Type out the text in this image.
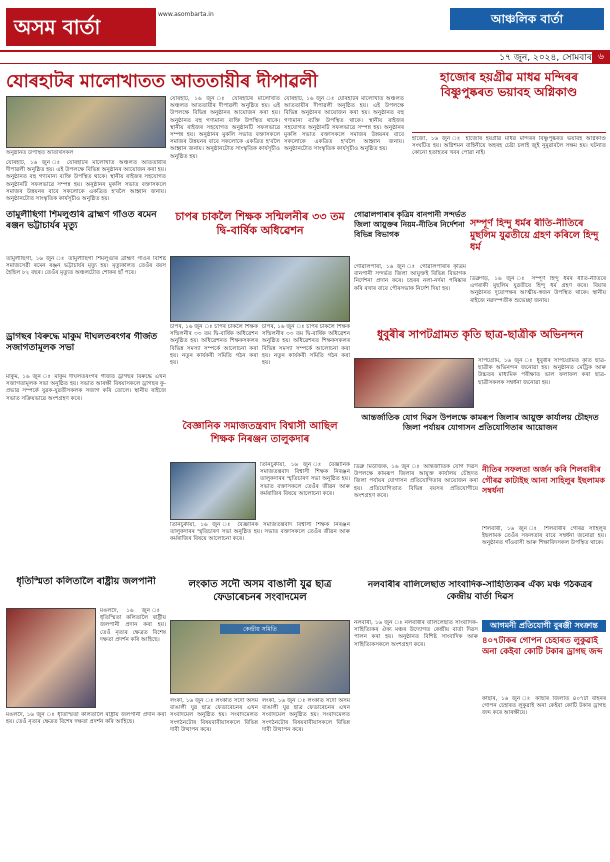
অসম বাৰ্তা
www.asombarta.in	আঞ্চলিক বাৰ্তা
১৭ জুন, ২০২৪, সোমবাৰ ৬
যোৰহাটৰ মালোখাতত আততায়ীৰ দীপাৱলী
অনুষ্ঠানত উপস্থিত অতিথিসকল
যোৰহাট, ১৬ জুন ঃ যোৰহাটৰ মালোখাত অঞ্চলত আততায়ীৰ দীপাৱলী অনুষ্ঠিত হয়। এই উপলক্ষে বিভিন্ন অনুষ্ঠানৰ আয়োজন কৰা হয়। অনুষ্ঠানত বহু গণ্যমান্য ব্যক্তি উপস্থিত থাকে। স্থানীয় ৰাইজৰ সহযোগত অনুষ্ঠানটি সফলভাৱে সম্পন্ন হয়। অনুষ্ঠানৰ মুকলি সভাত বক্তাসকলে সমাজৰ উন্নয়নৰ বাবে সকলোকে একত্ৰিত হ'বলৈ আহ্বান জনায়। অনুষ্ঠানটোত সাংস্কৃতিক কাৰ্যসূচীও অনুষ্ঠিত হয়।
যোৰহাট, ১৬ জুন ঃ যোৰহাটৰ মালোখাত অঞ্চলত আততায়ীৰ দীপাৱলী অনুষ্ঠিত হয়। এই উপলক্ষে বিভিন্ন অনুষ্ঠানৰ আয়োজন কৰা হয়। অনুষ্ঠানত বহু গণ্যমান্য ব্যক্তি উপস্থিত থাকে। স্থানীয় ৰাইজৰ সহযোগত অনুষ্ঠানটি সফলভাৱে সম্পন্ন হয়। অনুষ্ঠানৰ মুকলি সভাত বক্তাসকলে সমাজৰ উন্নয়নৰ বাবে সকলোকে একত্ৰিত হ'বলৈ আহ্বান জনায়। অনুষ্ঠানটোত সাংস্কৃতিক কাৰ্যসূচীও অনুষ্ঠিত হয়।
যোৰহাট, ১৬ জুন ঃ যোৰহাটৰ মালোখাত অঞ্চলত আততায়ীৰ দীপাৱলী অনুষ্ঠিত হয়। এই উপলক্ষে বিভিন্ন অনুষ্ঠানৰ আয়োজন কৰা হয়। অনুষ্ঠানত বহু গণ্যমান্য ব্যক্তি উপস্থিত থাকে। স্থানীয় ৰাইজৰ সহযোগত অনুষ্ঠানটি সফলভাৱে সম্পন্ন হয়। অনুষ্ঠানৰ মুকলি সভাত বক্তাসকলে সমাজৰ উন্নয়নৰ বাবে সকলোকে একত্ৰিত হ'বলৈ আহ্বান জনায়। অনুষ্ঠানটোত সাংস্কৃতিক কাৰ্যসূচীও অনুষ্ঠিত হয়।
হাজোৰ হয়গ্ৰীৱ মাধৱ মন্দিৰৰ বিষ্ণুপুষ্কৰত ভয়াবহ অগ্নিকাণ্ড
হাজো, ১৬ জুন ঃ হাজোৰ হয়গ্ৰীৱ মাধৱ মন্দিৰৰ বিষ্ণুপুষ্কৰত ভয়াবহ অগ্নিকাণ্ড সংঘটিত হয়। অগ্নিশমন বাহিনীয়ে অহৰহ চেষ্টা চলাই জুই নুমুৱাবলৈ সক্ষম হয়। ঘটনাত কোনো হতাহতৰ খবৰ পোৱা নাই।
তামুলীছিগা শিমলুগুৰি ব্ৰাহ্মণ গাঁওত ৰমেন ৰঞ্জন ভট্টাচাৰ্যৰ মৃত্যু
তামুলীছিগা, ১৬ জুন ঃ তামুলীছিগা শিমলুগুৰি ব্ৰাহ্মণ গাঁওৰ বিশিষ্ট সমাজসেৱী ৰমেন ৰঞ্জন ভট্টাচাৰ্যৰ মৃত্যু হয়। মৃত্যুকালত তেওঁৰ বয়স হৈছিল ৮২ বছৰ। তেওঁৰ মৃত্যুত অঞ্চলটোত শোকৰ ছাঁ পৰে।
চাপৰ চাকলৈ শিক্ষক সন্মিলনীৰ ৩৩ তম দ্বি-বাৰ্ষিক অধিৱেশন
চাপৰ, ১৬ জুন ঃ চাপৰ চাকলৈ শিক্ষক সন্মিলনীৰ ৩৩ তম দ্বি-বাৰ্ষিক অধিৱেশন অনুষ্ঠিত হয়। অধিৱেশনত শিক্ষকসকলৰ বিভিন্ন সমস্যা সম্পৰ্কে আলোচনা কৰা হয়। নতুন কাৰ্যকৰী সমিতি গঠন কৰা হয়।
চাপৰ, ১৬ জুন ঃ চাপৰ চাকলৈ শিক্ষক সন্মিলনীৰ ৩৩ তম দ্বি-বাৰ্ষিক অধিৱেশন অনুষ্ঠিত হয়। অধিৱেশনত শিক্ষকসকলৰ বিভিন্ন সমস্যা সম্পৰ্কে আলোচনা কৰা হয়। নতুন কাৰ্যকৰী সমিতি গঠন কৰা হয়।
গোৱালপাৰাৰ কৃত্ৰিম বানপানী সন্দৰ্ভত জিলা আয়ুক্তৰ নিয়ম-নীতিৰ নিৰ্দেশনা বিভিন্ন বিভাগক
গোৱালপাৰা, ১৬ জুন ঃ গোৱালপাৰাৰ কৃত্ৰিম বানপানী সন্দৰ্ভত জিলা আয়ুক্তই বিভিন্ন বিভাগক নিৰ্দেশনা প্ৰদান কৰে। চহৰৰ নলা-নৰ্দমা পৰিষ্কাৰ কৰি ৰখাৰ বাবে পৌৰসভাক নিৰ্দেশ দিয়া হয়।
সম্পূৰ্ণ হিন্দু ধৰ্মৰ ৰীতি-নীতিৰে মুছলিম যুৱতীয়ে গ্ৰহণ কৰিলে হিন্দু ধৰ্ম
ডিব্ৰুগড়, ১৬ জুন ঃ সম্পূৰ্ণ হিন্দু ধৰ্মৰ ৰীতি-নীতিৰে এগৰাকী মুছলিম যুৱতীয়ে হিন্দু ধৰ্ম গ্ৰহণ কৰে। বিয়াৰ অনুষ্ঠানত দুয়োপক্ষৰ আত্মীয়-স্বজন উপস্থিত থাকে। স্থানীয় ৰাইজে নৱদম্পতীক শুভেচ্ছা জনায়।
ড্ৰাগছৰ বিৰুদ্ধে মাকুম দীঘলতৰংগৰ গীৰ্জত সজাগতামূলক সভা
মাকুম, ১৬ জুন ঃ মাকুম দীঘলতৰংগৰ গীৰ্জত ড্ৰাগছৰ বিৰুদ্ধে এখন সজাগতামূলক সভা অনুষ্ঠিত হয়। সভাত আৰক্ষী বিষয়াসকলে ড্ৰাগছৰ কু-প্ৰভাৱ সম্পৰ্কে যুৱক-যুৱতীসকলক সজাগ কৰি তোলে। স্থানীয় ৰাইজে সভাত সক্ৰিয়ভাৱে অংশগ্ৰহণ কৰে।
ধুবুৰীৰ সাপটগ্ৰামত কৃতি ছাত্ৰ-ছাত্ৰীক অভিনন্দন
সাপটগ্ৰাম, ১৬ জুন ঃ ধুবুৰীৰ সাপটগ্ৰামত কৃতি ছাত্ৰ-ছাত্ৰীক অভিনন্দন জনোৱা হয়। অনুষ্ঠানত মেট্ৰিক আৰু উচ্চতৰ মাধ্যমিক পৰীক্ষাত ভাল ফলাফল কৰা ছাত্ৰ-ছাত্ৰীসকলক সম্বৰ্ধনা জনোৱা হয়।
আন্তৰ্জাতিক যোগ দিৱস উপলক্ষে কামৰূপ জিলাৰ আয়ুক্ত কাৰ্যালয় চৌহদত জিলা পৰ্যায়ৰ যোগাসন প্ৰতিযোগিতাৰ আয়োজন
ডিব্ৰু মিউজিক, ১৬ জুন ঃ আন্তৰ্জাতিক যোগ দিৱস উপলক্ষে কামৰূপ জিলাৰ আয়ুক্ত কাৰ্যালয় চৌহদত জিলা পৰ্যায়ৰ যোগাসন প্ৰতিযোগিতাৰ আয়োজন কৰা হয়। প্ৰতিযোগিতাত বিভিন্ন বয়সৰ প্ৰতিযোগীয়ে অংশগ্ৰহণ কৰে।
নীতিৰ সফলতা অৰ্জন কৰি শিলবাৰীৰ গৌৰৱ কাটাইছ আনা সাহিলুৰ ইছলামক সম্বৰ্ধনা
শিলবাৰী, ১৬ জুন ঃ শিলবাৰীৰ গৌৰৱ সাহিলুৰ ইছলামক তেওঁৰ সফলতাৰ বাবে সম্বৰ্ধনা জনোৱা হয়। অনুষ্ঠানত গাঁওবাসী আৰু শিক্ষাবিদসকল উপস্থিত থাকে।
বৈজ্ঞানিক সমাজতন্ত্ৰবাদ বিশ্বাসী আছিল শিক্ষক নিৰঞ্জন তালুকদাৰ
তিনিচুকীয়া, ১৬ জুন ঃ বৈজ্ঞানিক সমাজতন্ত্ৰবাদ বিশ্বাসী শিক্ষক নিৰঞ্জন তালুকদাৰৰ স্মৃতিচাৰণ সভা অনুষ্ঠিত হয়। সভাত বক্তাসকলে তেওঁৰ জীৱন আৰু কৰ্মৰাজিৰ বিষয়ে আলোচনা কৰে।
তিনিচুকীয়া, ১৬ জুন ঃ বৈজ্ঞানিক সমাজতন্ত্ৰবাদ বিশ্বাসী শিক্ষক নিৰঞ্জন তালুকদাৰৰ স্মৃতিচাৰণ সভা অনুষ্ঠিত হয়। সভাত বক্তাসকলে তেওঁৰ জীৱন আৰু কৰ্মৰাজিৰ বিষয়ে আলোচনা কৰে।
ধৃতিস্মিতা কলিতালৈ ৰাষ্ট্ৰীয় জলপানী
মঙলদৈ, ১৬ জুন ঃ ধৃতিস্মিতা কলিতালৈ ৰাষ্ট্ৰীয় জলপানী প্ৰদান কৰা হয়। তেওঁ নৃত্যৰ ক্ষেত্ৰত বিশেষ দক্ষতা প্ৰদৰ্শন কৰি আহিছে।
মঙলদৈ, ১৬ জুন ঃ ধৃতিস্মিতা কলিতালৈ ৰাষ্ট্ৰীয় জলপানী প্ৰদান কৰা হয়। তেওঁ নৃত্যৰ ক্ষেত্ৰত বিশেষ দক্ষতা প্ৰদৰ্শন কৰি আহিছে।
লংকাত সদৌ অসম বাঙালী যুৱ ছাত্ৰ ফেডাৰেচনৰ সংবাদমেল
কেন্দ্ৰীয় সমিতি
লংকা, ১৬ জুন ঃ লংকাত সদৌ অসম বাঙালী যুৱ ছাত্ৰ ফেডাৰেচনৰ এখন সংবাদমেল অনুষ্ঠিত হয়। সংবাদমেলত সংগঠনটোৰ বিষয়বাবীয়াসকলে বিভিন্ন দাবী উত্থাপন কৰে।
লংকা, ১৬ জুন ঃ লংকাত সদৌ অসম বাঙালী যুৱ ছাত্ৰ ফেডাৰেচনৰ এখন সংবাদমেল অনুষ্ঠিত হয়। সংবাদমেলত সংগঠনটোৰ বিষয়বাবীয়াসকলে বিভিন্ন দাবী উত্থাপন কৰে।
নলবাৰীৰ বালিলেছাত সাংবাদিক-সাহিত্যিকৰ ঐক্য মঞ্চ গঠকত্ৰৰ কেন্দ্ৰীয় বাৰ্তা দিৱস
নলবাৰী, ১৬ জুন ঃ নলবাৰীৰ বালিলেছাত সাংবাদিক-সাহিত্যিকৰ ঐক্য মঞ্চৰ উদ্যোগত কেন্দ্ৰীয় বাৰ্তা দিৱস পালন কৰা হয়। অনুষ্ঠানত বিশিষ্ট সাংবাদিক আৰু সাহিত্যিকসকলে অংশগ্ৰহণ কৰে।
আগমনী প্ৰতিযোগী বুৰঞ্জী সংক্ৰান্ত
৪০৭টাকৰ গোপন চেহাৰত লুকুৱাই অনা কেইবা কোটি টকাৰ ড্ৰাগছ জব্দ
কাছাৰ, ১৬ জুন ঃ কাছাৰ জিলাত ৪০৭টা বাহনৰ গোপন চেহাৰত লুকুৱাই অনা কেইবা কোটি টকাৰ ড্ৰাগছ জব্দ কৰে আৰক্ষীয়ে।
